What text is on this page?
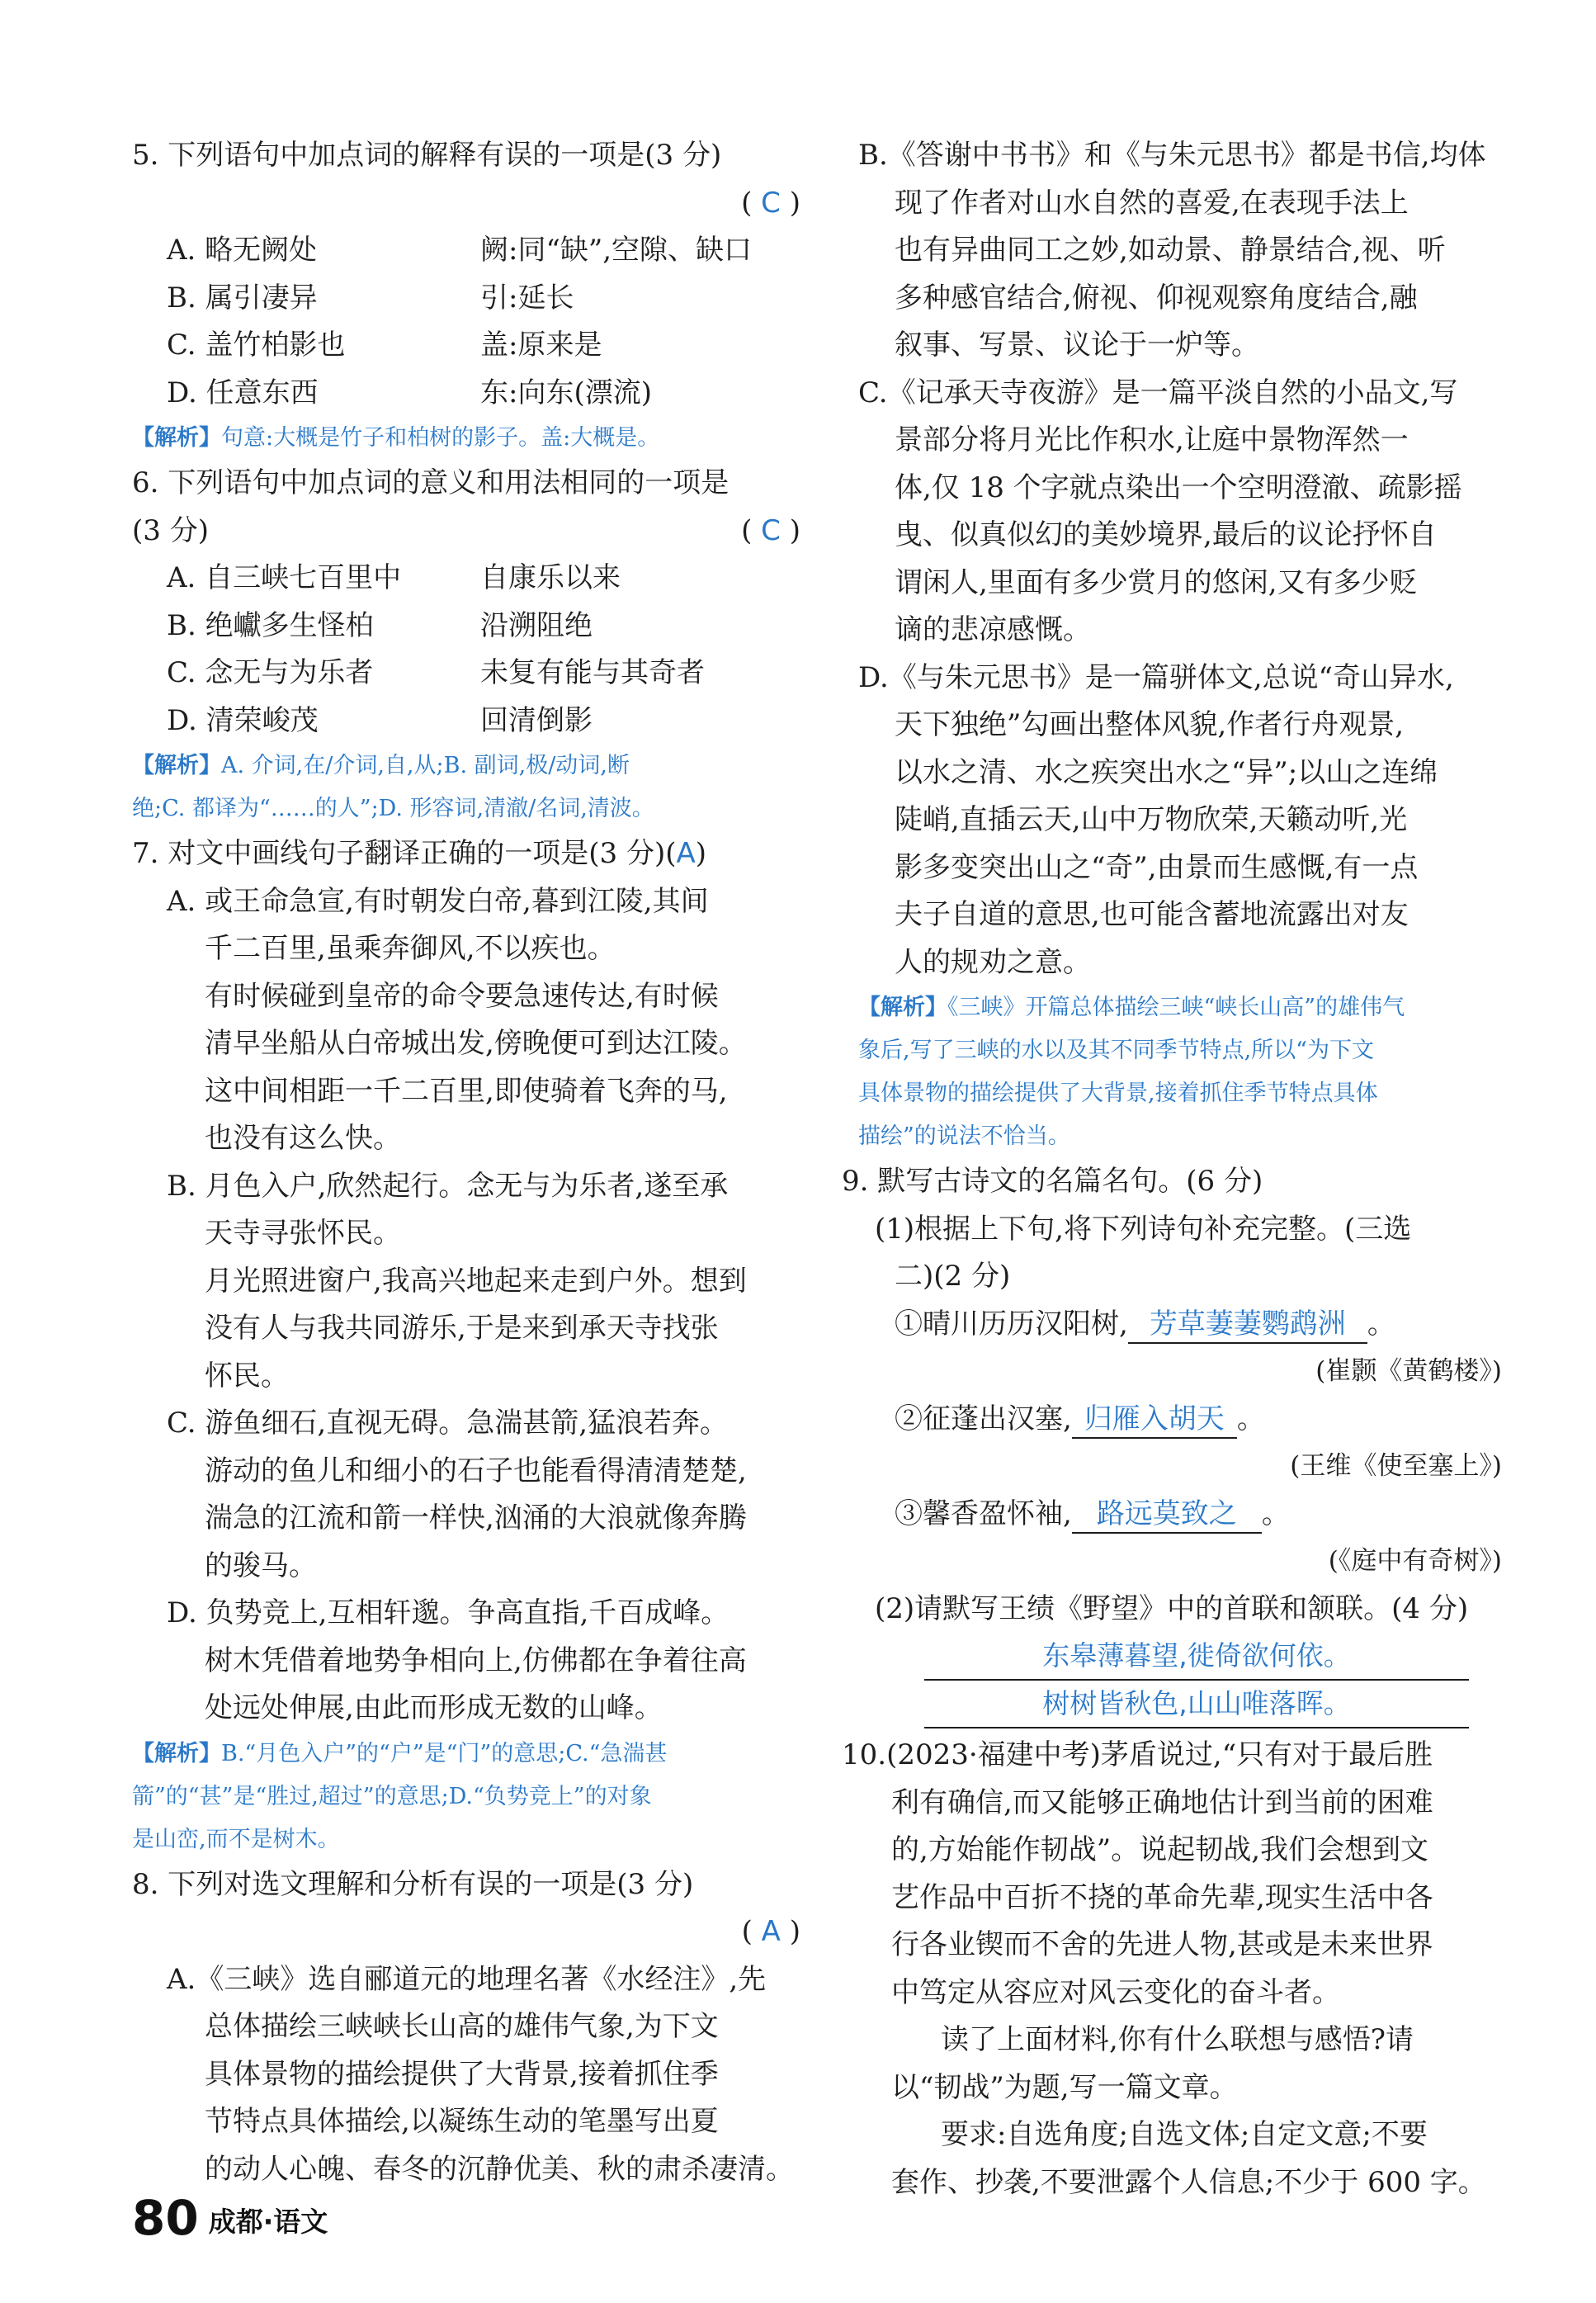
5. 下列语句中加点词的解释有误的一项是(3 分)
( C )
A. 略无阙处	阙:同“缺”,空隙、缺口
B. 属引凄异	引:延长
C. 盖竹柏影也	盖:原来是
D. 任意东西	东:向东(漂流)
【解析】句意:大概是竹子和柏树的影子。盖:大概是。
6. 下列语句中加点词的意义和用法相同的一项是
(3 分)	( C )
A. 自三峡七百里中	自康乐以来
B. 绝巘多生怪柏	沿溯阻绝
C. 念无与为乐者	未复有能与其奇者
D. 清荣峻茂	回清倒影
【解析】A. 介词,在/介词,自,从;B. 副词,极/动词,断
绝;C. 都译为“……的人”;D. 形容词,清澈/名词,清波。
7. 对文中画线句子翻译正确的一项是(3 分)(A)
A. 或王命急宣,有时朝发白帝,暮到江陵,其间
千二百里,虽乘奔御风,不以疾也。
有时候碰到皇帝的命令要急速传达,有时候
清早坐船从白帝城出发,傍晚便可到达江陵。
这中间相距一千二百里,即使骑着飞奔的马,
也没有这么快。
B. 月色入户,欣然起行。念无与为乐者,遂至承
天寺寻张怀民。
月光照进窗户,我高兴地起来走到户外。想到
没有人与我共同游乐,于是来到承天寺找张
怀民。
C. 游鱼细石,直视无碍。急湍甚箭,猛浪若奔。
游动的鱼儿和细小的石子也能看得清清楚楚,
湍急的江流和箭一样快,汹涌的大浪就像奔腾
的骏马。
D. 负势竞上,互相轩邈。争高直指,千百成峰。
树木凭借着地势争相向上,仿佛都在争着往高
处远处伸展,由此而形成无数的山峰。
【解析】B.“月色入户”的“户”是“门”的意思;C.“急湍甚
箭”的“甚”是“胜过,超过”的意思;D.“负势竞上”的对象
是山峦,而不是树木。
8. 下列对选文理解和分析有误的一项是(3 分)
( A )
A.《三峡》选自郦道元的地理名著《水经注》,先
总体描绘三峡峡长山高的雄伟气象,为下文
具体景物的描绘提供了大背景,接着抓住季
节特点具体描绘,以凝练生动的笔墨写出夏
的动人心魄、春冬的沉静优美、秋的肃杀凄清。
B.《答谢中书书》和《与朱元思书》都是书信,均体
现了作者对山水自然的喜爱,在表现手法上
也有异曲同工之妙,如动景、静景结合,视、听
多种感官结合,俯视、仰视观察角度结合,融
叙事、写景、议论于一炉等。
C.《记承天寺夜游》是一篇平淡自然的小品文,写
景部分将月光比作积水,让庭中景物浑然一
体,仅 18 个字就点染出一个空明澄澈、疏影摇
曳、似真似幻的美妙境界,最后的议论抒怀自
谓闲人,里面有多少赏月的悠闲,又有多少贬
谪的悲凉感慨。
D.《与朱元思书》是一篇骈体文,总说“奇山异水,
天下独绝”勾画出整体风貌,作者行舟观景,
以水之清、水之疾突出水之“异”;以山之连绵
陡峭,直插云天,山中万物欣荣,天籁动听,光
影多变突出山之“奇”,由景而生感慨,有一点
夫子自道的意思,也可能含蓄地流露出对友
人的规劝之意。
【解析】《三峡》开篇总体描绘三峡“峡长山高”的雄伟气
象后,写了三峡的水以及其不同季节特点,所以“为下文
具体景物的描绘提供了大背景,接着抓住季节特点具体
描绘”的说法不恰当。
9. 默写古诗文的名篇名句。(6 分)
(1)根据上下句,将下列诗句补充完整。(三选
二)(2 分)
①晴川历历汉阳树, 芳草萋萋鹦鹉洲 。
(崔颢《黄鹤楼》)
②征蓬出汉塞, 归雁入胡天 。
(王维《使至塞上》)
③馨香盈怀袖, 路远莫致之 。
(《庭中有奇树》)
(2)请默写王绩《野望》中的首联和颔联。(4 分)
东皋薄暮望,徙倚欲何依。
树树皆秋色,山山唯落晖。
10.(2023·福建中考)茅盾说过,“只有对于最后胜
利有确信,而又能够正确地估计到当前的困难
的,方始能作韧战”。说起韧战,我们会想到文
艺作品中百折不挠的革命先辈,现实生活中各
行各业锲而不舍的先进人物,甚或是未来世界
中笃定从容应对风云变化的奋斗者。
读了上面材料,你有什么联想与感悟?请
以“韧战”为题,写一篇文章。
要求:自选角度;自选文体;自定文意;不要
套作、抄袭,不要泄露个人信息;不少于 600 字。
80 成都·语文
